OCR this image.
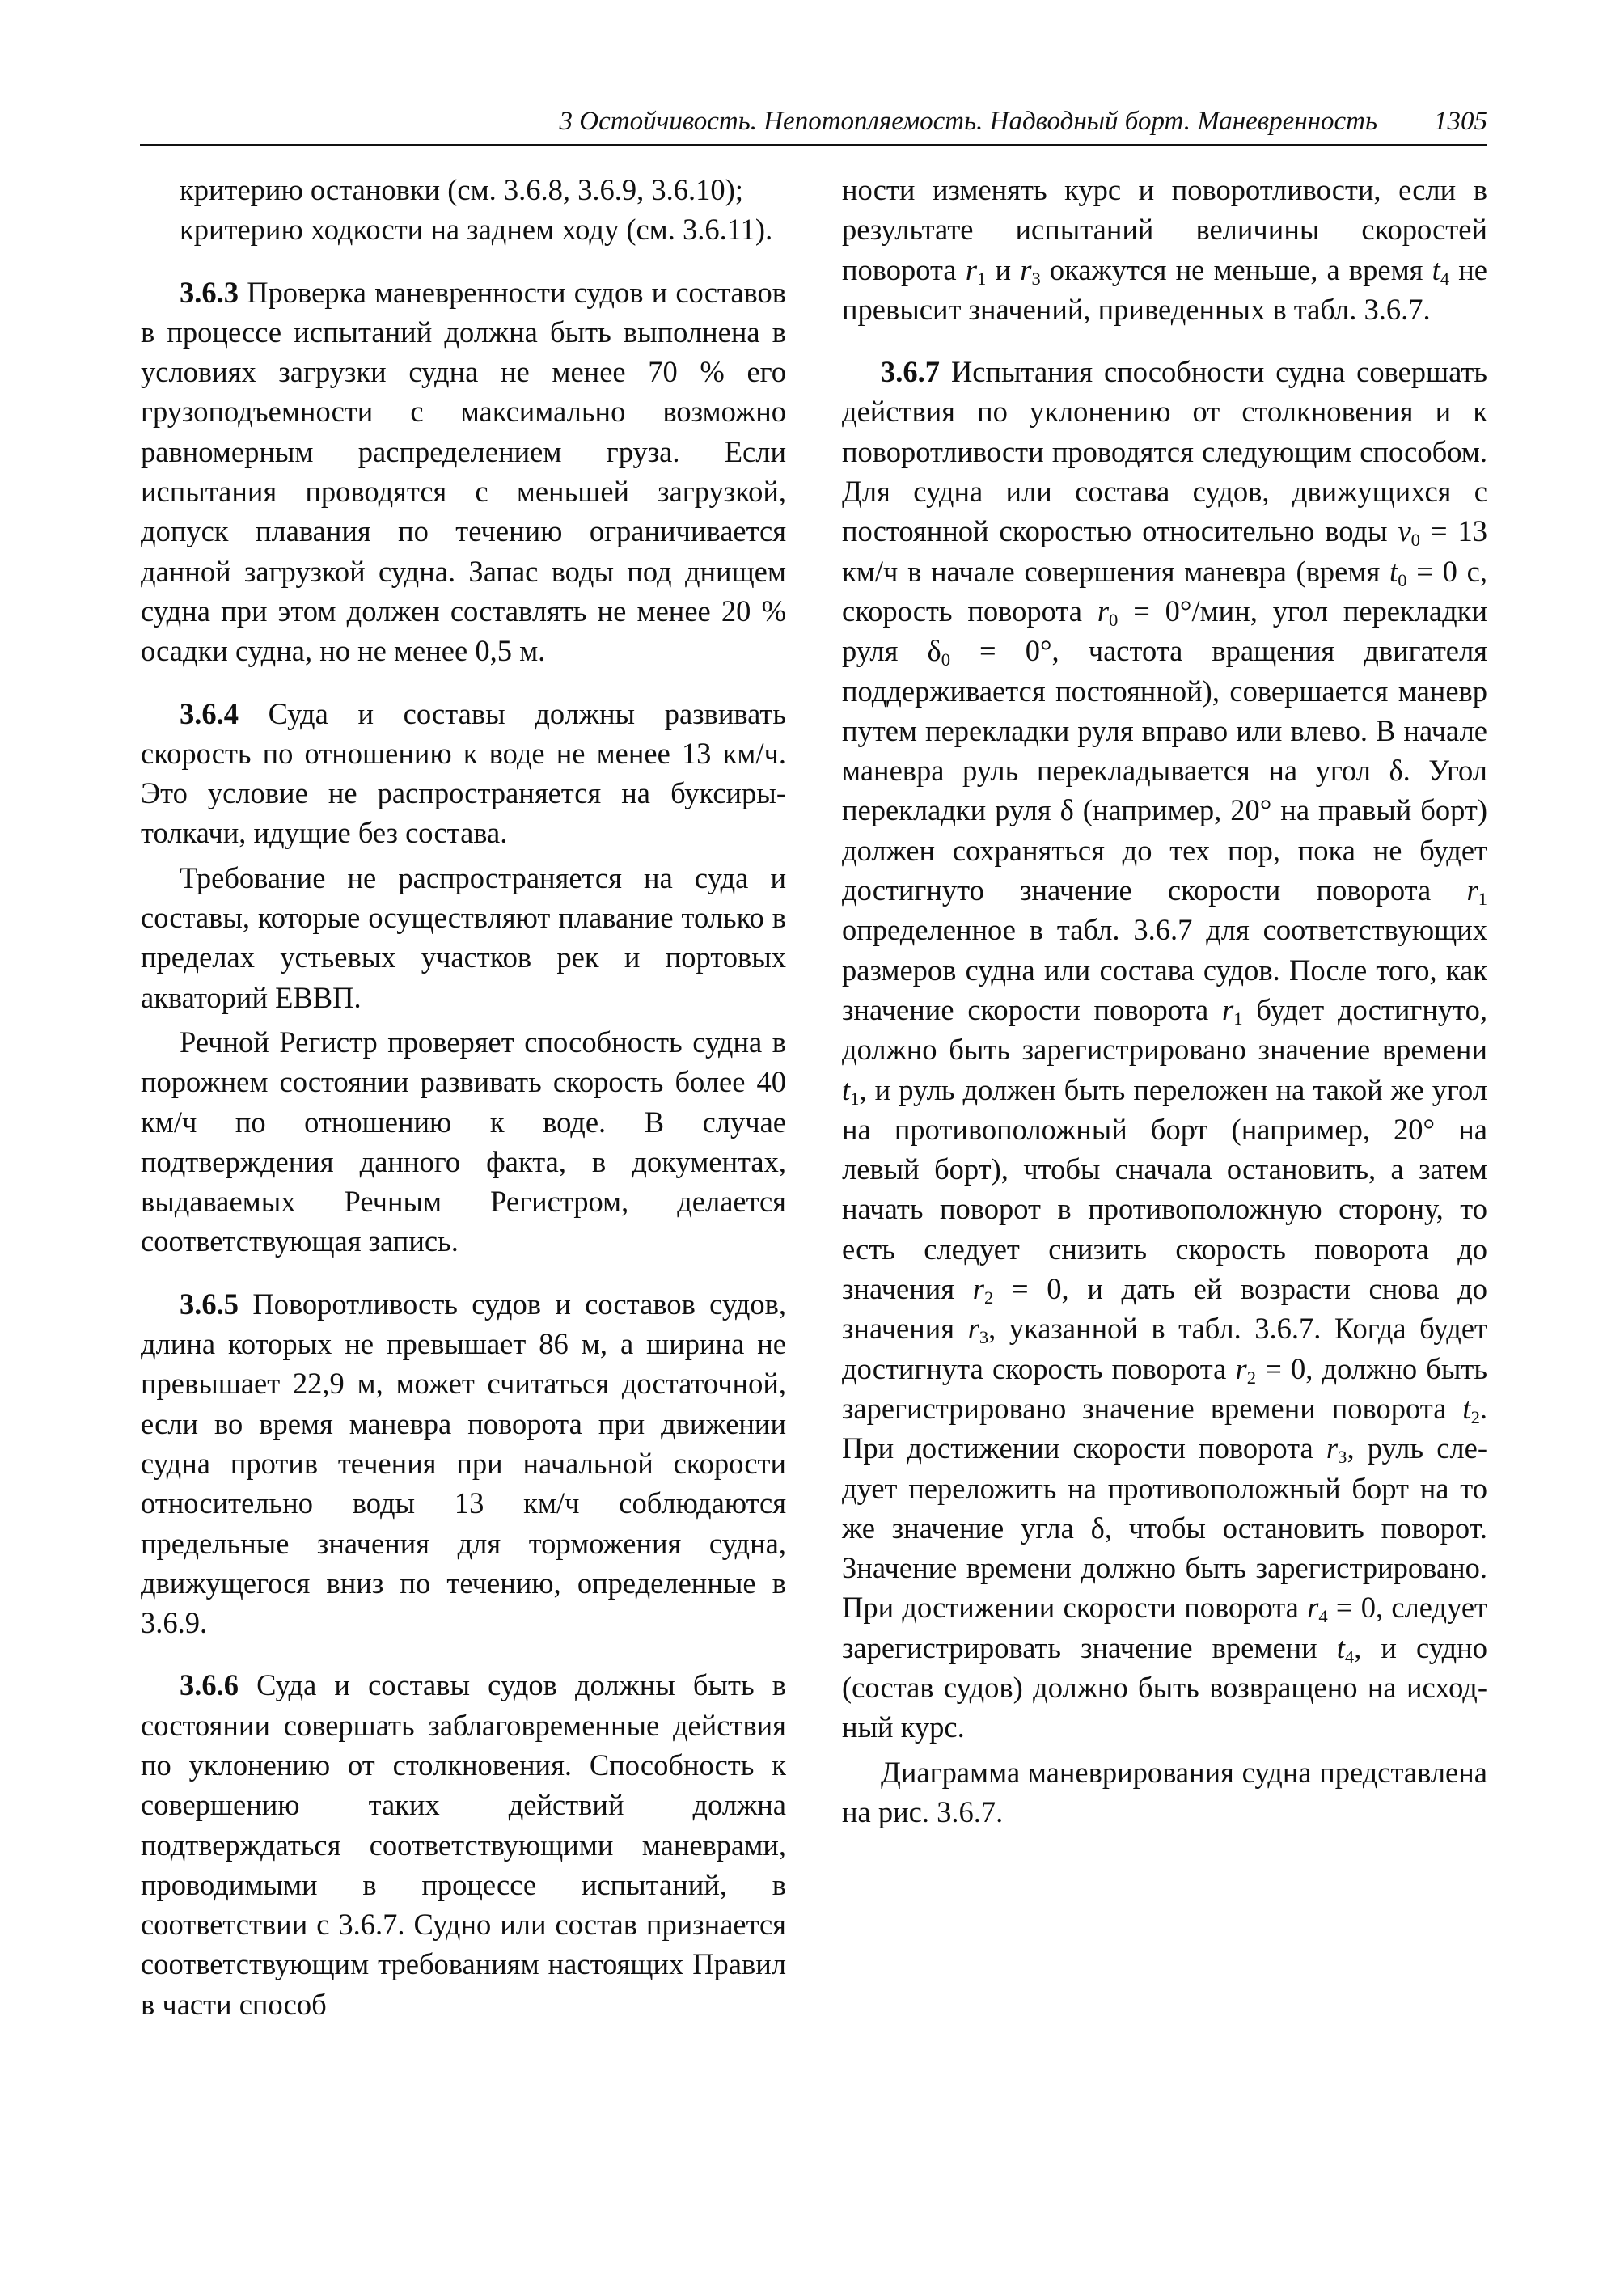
3 Остойчивость. Непотопляемость. Надводный борт. Маневренность 1305

критерию остановки (см. 3.6.8, 3.6.9, 3.6.10);

критерию ходкости на заднем ходу (см. 3.6.11).

3.6.3 Проверка маневренности судов и составов в процессе испытаний должна быть выполнена в условиях загрузки судна не менее 70 % его грузоподъемности с максимально возможно равномерным распределением груза. Если испытания проводятся с меньшей загрузкой, допуск плавания по течению ограничивается данной загрузкой судна. Запас воды под днищем судна при этом должен составлять не менее 20 % осадки судна, но не менее 0,5 м.

3.6.4 Суда и составы должны развивать скорость по отношению к воде не менее 13 км/ч. Это условие не распространяется на буксиры-толкачи, идущие без состава.

Требование не распространяется на суда и составы, которые осуществляют плавание только в пределах устьевых участков рек и портовых акваторий ЕВВП.

Речной Регистр проверяет способность судна в порожнем состоянии развивать скорость более 40 км/ч по отношению к воде. В случае подтверждения данного факта, в документах, выдаваемых Речным Регистром, делается соответствующая запись.

3.6.5 Поворотливость судов и составов судов, длина которых не превышает 86 м, а ширина не превышает 22,9 м, может считаться достаточной, если во время маневра поворота при движении судна против течения при начальной скорости относительно воды 13 км/ч соблюдаются предельные значения для торможения судна, движущегося вниз по течению, определенные в 3.6.9.

3.6.6 Суда и составы судов должны быть в состоянии совершать заблаговременные действия по уклонению от столкновения. Способность к совершению таких действий должна подтверждаться соответствующими маневрами, проводимыми в процессе испытаний, в соответствии с 3.6.7. Судно или состав признается соответствующим требованиям настоящих Правил в части способ

ности изменять курс и поворотливости, если в результате испытаний величины скоростей поворота $r_1$ и $r_3$ окажутся не меньше, а время $t_4$ не превысит значений, приведенных в табл. 3.6.7.

3.6.7 Испытания способности судна совершать действия по уклонению от столкновения и к поворотливости проводятся следующим способом. Для судна или состава судов, движущихся с постоянной скоростью относительно воды $v_0 = 13$ км/ч в начале совершения маневра (время $t_0 = 0$ с, скорость поворота $r_0 = 0^\circ/мин$, угол перекладки руля $\delta_0 = 0^\circ$, частота вращения двигателя поддерживается постоянной), совершается маневр путем перекладки руля вправо или влево. В начале маневра руль перекладывается на угол δ. Угол перекладки руля δ (например, 20° на правый борт) должен сохраняться до тех пор, пока не будет достигнуто значение скорости поворота $r_1$ определенное в табл. 3.6.7 для соответствующих размеров судна или состава судов. После того, как значение скорости поворота $r_1$ будет достигнуто, должно быть зарегистрировано значение времени $t_1$, и руль должен быть переложен на такой же угол на противоположный борт (например, 20° на левый борт), чтобы сначала остановить, а затем начать поворот в противоположную сторону, то есть следует снизить скорость поворота до значения $r_2 = 0$, и дать ей возрасти снова до значения $r_3$, указанной в табл. 3.6.7. Когда будет достигнута скорость поворота $r_2 = 0$, должно быть зарегистрировано значение времени поворота $t_2$. При достижении скорости поворота $r_3$, руль следует переложить на противоположный борт на то же значение угла δ, чтобы остановить поворот. Значение времени должно быть зарегистрировано. При достижении скорости поворота $r_4 = 0$, следует зарегистрировать значение времени $t_4$, и судно (состав судов) должно быть возвращено на исходный курс.

Диаграмма маневрирования судна представлена на рис. 3.6.7.
